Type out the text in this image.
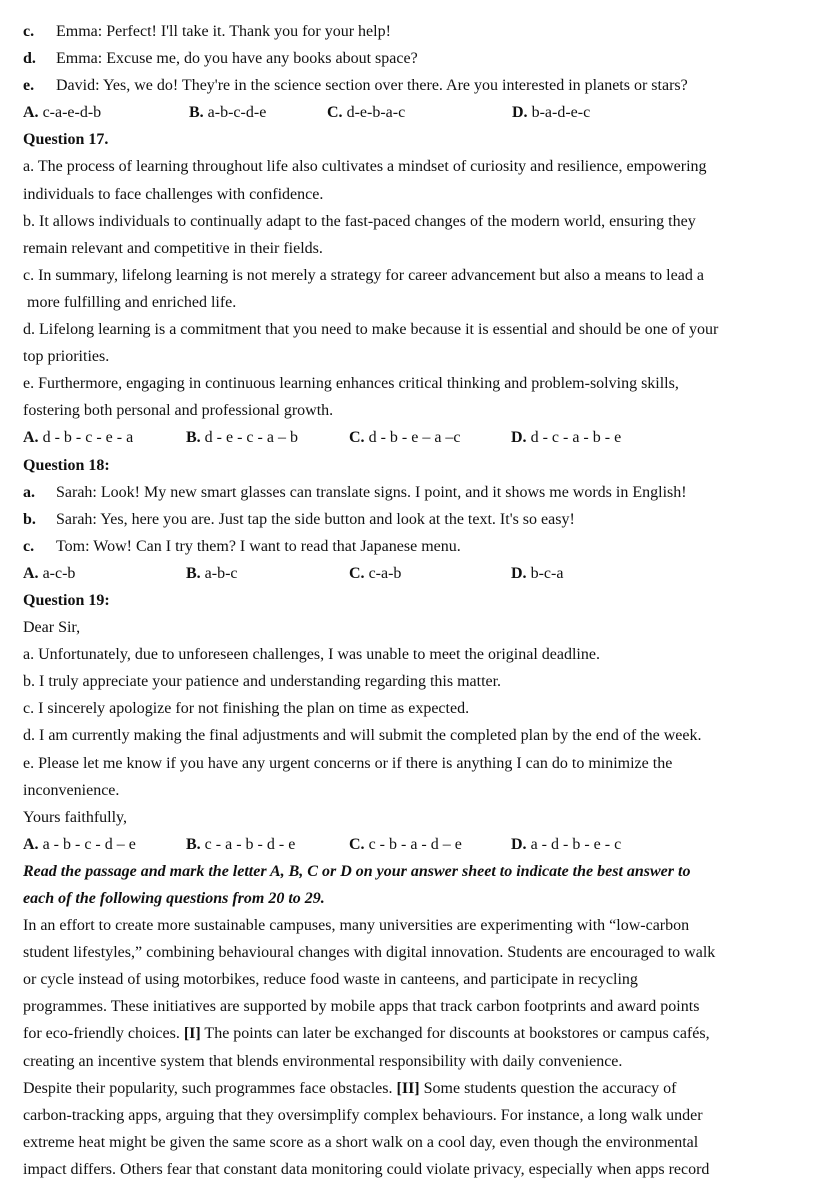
c. Emma: Perfect! I'll take it. Thank you for your help!
d. Emma: Excuse me, do you have any books about space?
e. David: Yes, we do! They're in the science section over there. Are you interested in planets or stars?
A. c-a-e-d-b	B. a-b-c-d-e	C. d-e-b-a-c	D. b-a-d-e-c
Question 17.
a. The process of learning throughout life also cultivates a mindset of curiosity and resilience, empowering
individuals to face challenges with confidence.
b. It allows individuals to continually adapt to the fast-paced changes of the modern world, ensuring they
remain relevant and competitive in their fields.
c. In summary, lifelong learning is not merely a strategy for career advancement but also a means to lead a
more fulfilling and enriched life.
d. Lifelong learning is a commitment that you need to make because it is essential and should be one of your
top priorities.
e. Furthermore, engaging in continuous learning enhances critical thinking and problem-solving skills,
fostering both personal and professional growth.
A. d - b - c - e - a	B. d - e - c - a – b	C. d - b - e – a –c	D. d - c - a - b - e
Question 18:
a. Sarah: Look! My new smart glasses can translate signs. I point, and it shows me words in English!
b. Sarah: Yes, here you are. Just tap the side button and look at the text. It's so easy!
c. Tom: Wow! Can I try them? I want to read that Japanese menu.
A. a-c-b	B. a-b-c	C. c-a-b	D. b-c-a
Question 19:
Dear Sir,
a. Unfortunately, due to unforeseen challenges, I was unable to meet the original deadline.
b. I truly appreciate your patience and understanding regarding this matter.
c. I sincerely apologize for not finishing the plan on time as expected.
d. I am currently making the final adjustments and will submit the completed plan by the end of the week.
e. Please let me know if you have any urgent concerns or if there is anything I can do to minimize the
inconvenience.
Yours faithfully,
A. a - b - c - d – e	B. c - a - b - d - e	C. c - b - a - d – e	D. a - d - b - e - c
Read the passage and mark the letter A, B, C or D on your answer sheet to indicate the best answer to
each of the following questions from 20 to 29.
In an effort to create more sustainable campuses, many universities are experimenting with “low-carbon
student lifestyles,” combining behavioural changes with digital innovation. Students are encouraged to walk
or cycle instead of using motorbikes, reduce food waste in canteens, and participate in recycling
programmes. These initiatives are supported by mobile apps that track carbon footprints and award points
for eco-friendly choices. [I] The points can later be exchanged for discounts at bookstores or campus cafés,
creating an incentive system that blends environmental responsibility with daily convenience.
Despite their popularity, such programmes face obstacles. [II] Some students question the accuracy of
carbon-tracking apps, arguing that they oversimplify complex behaviours. For instance, a long walk under
extreme heat might be given the same score as a short walk on a cool day, even though the environmental
impact differs. Others fear that constant data monitoring could violate privacy, especially when apps record
